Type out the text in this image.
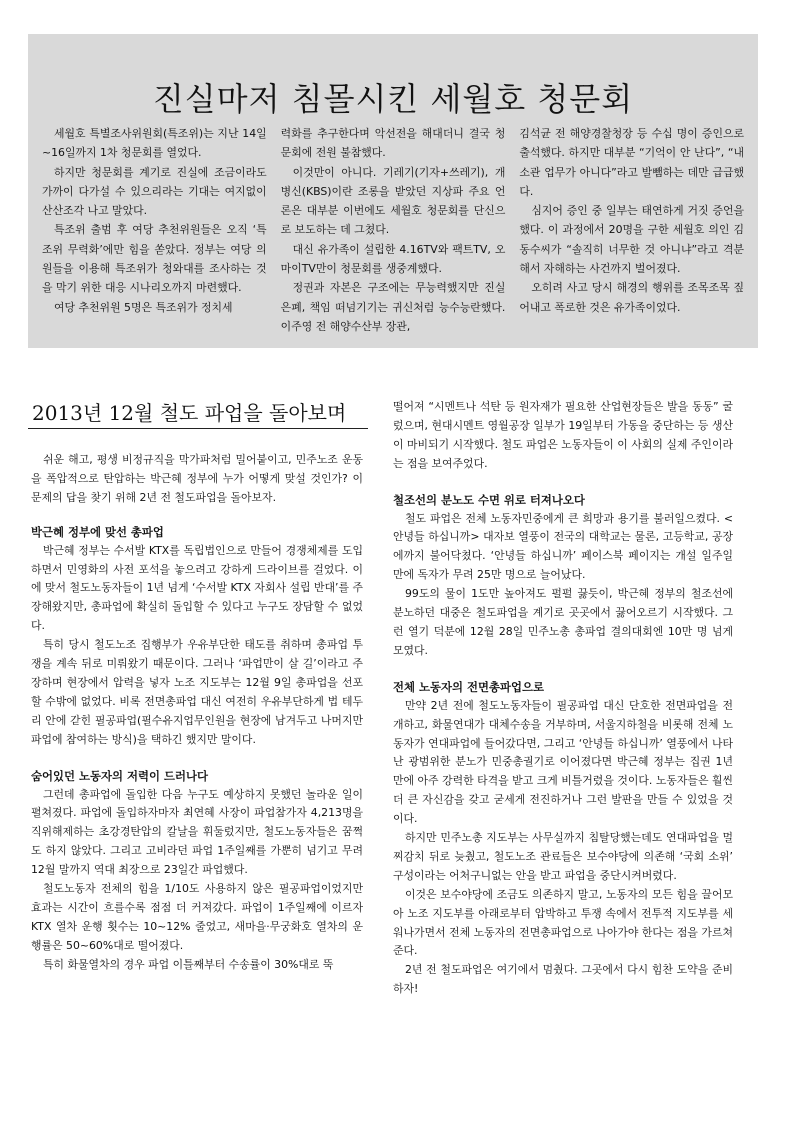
진실마저 침몰시킨 세월호 청문회

세월호 특별조사위원회(특조위)는 지난 14일~16일까지 1차 청문회를 열었다.

하지만 청문회를 계기로 진실에 조금이라도 가까이 다가설 수 있으리라는 기대는 여지없이 산산조각 나고 말았다.

특조위 출범 후 여당 추천위원들은 오직 ‘특조위 무력화’에만 힘을 쏟았다. 정부는 여당 의원들을 이용해 특조위가 청와대를 조사하는 것을 막기 위한 대응 시나리오까지 마련했다.

여당 추천위원 5명은 특조위가 정치세

력화를 추구한다며 악선전을 해대더니 결국 청문회에 전원 불참했다.

이것만이 아니다. 기레기(기자+쓰레기), 개병신(KBS)이란 조롱을 받았던 지상파 주요 언론은 대부분 이번에도 세월호 청문회를 단신으로 보도하는 데 그쳤다.

대신 유가족이 설립한 4.16TV와 팩트TV, 오마이TV만이 청문회를 생중계했다.

정권과 자본은 구조에는 무능력했지만 진실 은폐, 책임 떠넘기기는 귀신처럼 능수능란했다. 이주영 전 해양수산부 장관,

김석균 전 해양경찰청장 등 수십 명이 증인으로 출석했다. 하지만 대부분 “기억이 안 난다”, “내 소관 업무가 아니다”라고 발뺌하는 데만 급급했다.

심지어 증인 중 일부는 태연하게 거짓 증언을 했다. 이 과정에서 20명을 구한 세월호 의인 김동수씨가 “솔직히 너무한 것 아니냐”라고 격분해서 자해하는 사건까지 벌어졌다.

오히려 사고 당시 해경의 행위를 조목조목 짚어내고 폭로한 것은 유가족이었다.

2013년 12월 철도 파업을 돌아보며

쉬운 해고, 평생 비정규직을 막가파처럼 밀어붙이고, 민주노조 운동을 폭압적으로 탄압하는 박근혜 정부에 누가 어떻게 맞설 것인가? 이 문제의 답을 찾기 위해 2년 전 철도파업을 돌아보자.

박근혜 정부에 맞선 총파업

박근혜 정부는 수서발 KTX를 독립법인으로 만들어 경쟁체제를 도입하면서 민영화의 사전 포석을 놓으려고 강하게 드라이브를 걸었다. 이에 맞서 철도노동자들이 1년 넘게 ‘수서발 KTX 자회사 설립 반대’를 주장해왔지만, 총파업에 확실히 돌입할 수 있다고 누구도 장담할 수 없었다.

특히 당시 철도노조 집행부가 우유부단한 태도를 취하며 총파업 투쟁을 계속 뒤로 미뤄왔기 때문이다. 그러나 ‘파업만이 살 길’이라고 주장하며 현장에서 압력을 넣자 노조 지도부는 12월 9일 총파업을 선포할 수밖에 없었다. 비록 전면총파업 대신 여전히 우유부단하게 법 테두리 안에 갇힌 필공파업(필수유지업무인원을 현장에 남겨두고 나머지만 파업에 참여하는 방식)을 택하긴 했지만 말이다.

숨어있던 노동자의 저력이 드러나다

그런데 총파업에 돌입한 다음 누구도 예상하지 못했던 놀라운 일이 펼쳐졌다. 파업에 돌입하자마자 최연혜 사장이 파업참가자 4,213명을 직위해제하는 초강경탄압의 칼날을 휘둘렀지만, 철도노동자들은 꿈쩍도 하지 않았다. 그리고 고비라던 파업 1주일째를 가뿐히 넘기고 무려 12월 말까지 역대 최장으로 23일간 파업했다.

철도노동자 전체의 힘을 1/10도 사용하지 않은 필공파업이었지만 효과는 시간이 흐를수록 점점 더 커져갔다. 파업이 1주일째에 이르자 KTX 열차 운행 횟수는 10~12% 줄었고, 새마을·무궁화호 열차의 운행률은 50~60%대로 떨어졌다.

특히 화물열차의 경우 파업 이틀째부터 수송률이 30%대로 뚝

떨어져 “시멘트나 석탄 등 원자재가 필요한 산업현장들은 발을 동동” 굴렀으며, 현대시멘트 영월공장 일부가 19일부터 가동을 중단하는 등 생산이 마비되기 시작했다. 철도 파업은 노동자들이 이 사회의 실제 주인이라는 점을 보여주었다.

철조선의 분노도 수면 위로 터져나오다

철도 파업은 전체 노동자민중에게 큰 희망과 용기를 불러일으켰다. <안녕들 하십니까> 대자보 열풍이 전국의 대학교는 물론, 고등학교, 공장에까지 불어닥쳤다. ‘안녕들 하십니까’ 페이스북 페이지는 개설 일주일 만에 독자가 무려 25만 명으로 늘어났다.

99도의 물이 1도만 높아져도 펄펄 끓듯이, 박근혜 정부의 철조선에 분노하던 대중은 철도파업을 계기로 곳곳에서 끓어오르기 시작했다. 그런 열기 덕분에 12월 28일 민주노총 총파업 결의대회엔 10만 명 넘게 모였다.

전체 노동자의 전면총파업으로

만약 2년 전에 철도노동자들이 필공파업 대신 단호한 전면파업을 전개하고, 화물연대가 대체수송을 거부하며, 서울지하철을 비롯해 전체 노동자가 연대파업에 들어갔다면, 그리고 ‘안녕들 하십니까’ 열풍에서 나타난 광범위한 분노가 민중총궐기로 이어졌다면 박근혜 정부는 집권 1년 만에 아주 강력한 타격을 받고 크게 비틀거렸을 것이다. 노동자들은 훨씬 더 큰 자신감을 갖고 굳세게 전진하거나 그런 발판을 만들 수 있었을 것이다.

하지만 민주노총 지도부는 사무실까지 침탈당했는데도 연대파업을 멀찌감치 뒤로 늦췄고, 철도노조 관료들은 보수야당에 의존해 ‘국회 소위’ 구성이라는 어처구니없는 안을 받고 파업을 중단시켜버렸다.

이것은 보수야당에 조금도 의존하지 말고, 노동자의 모든 힘을 끌어모아 노조 지도부를 아래로부터 압박하고 투쟁 속에서 전투적 지도부를 세워나가면서 전체 노동자의 전면총파업으로 나아가야 한다는 점을 가르쳐준다.

2년 전 철도파업은 여기에서 멈췄다. 그곳에서 다시 힘찬 도약을 준비하자!
